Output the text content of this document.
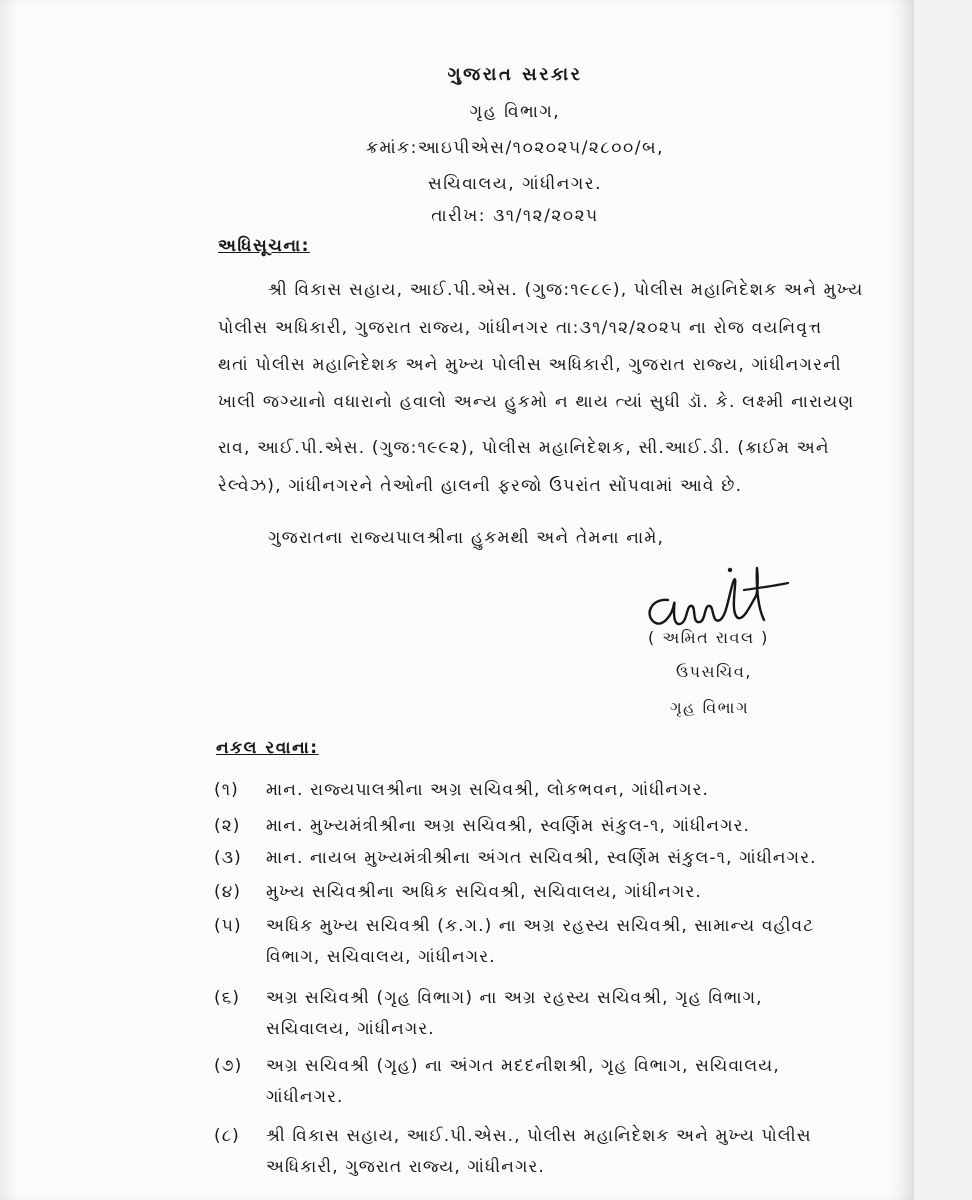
ગુજરાત સરકાર
ગૃહ વિભાગ,
ક્રમાંક:આઇપીએસ/૧૦૨૦૨૫/૨૮૦૦/બ,
સચિવાલય, ગાંધીનગર.
તારીખ: ૩૧/૧૨/૨૦૨૫
અધિસૂચના:
શ્રી વિકાસ સહાય, આઈ.પી.એસ. (ગુજ:૧૯૮૯), પોલીસ મહાનિદેશક અને મુખ્ય
પોલીસ અધિકારી, ગુજરાત રાજ્ય, ગાંધીનગર તા:૩૧/૧૨/૨૦૨૫ ના રોજ વયનિવૃત્ત
થતાં પોલીસ મહાનિદેશક અને મુખ્ય પોલીસ અધિકારી, ગુજરાત રાજ્ય, ગાંધીનગરની
ખાલી જગ્યાનો વધારાનો હવાલો અન્ય હુકમો ન થાય ત્યાં સુધી ડૉ. કે. લક્ષ્મી નારાયણ
રાવ, આઈ.પી.એસ. (ગુજ:૧૯૯૨), પોલીસ મહાનિદેશક, સી.આઈ.ડી. (ક્રાઈમ અને
રેલ્વેઝ), ગાંધીનગરને તેઓની હાલની ફરજો ઉપરાંત સોંપવામાં આવે છે.
ગુજરાતના રાજ્યપાલશ્રીના હુકમથી અને તેમના નામે,
( અમિત રાવલ )
ઉપસચિવ,
ગૃહ વિભાગ
નકલ રવાના:
(૧) માન. રાજ્યપાલશ્રીના અગ્ર સચિવશ્રી, લોકભવન, ગાંધીનગર.
(૨) માન. મુખ્યમંત્રીશ્રીના અગ્ર સચિવશ્રી, સ્વર્ણિમ સંકુલ-૧, ગાંધીનગર.
(૩) માન. નાયબ મુખ્યમંત્રીશ્રીના અંગત સચિવશ્રી, સ્વર્ણિમ સંકુલ-૧, ગાંધીનગર.
(૪) મુખ્ય સચિવશ્રીના અધિક સચિવશ્રી, સચિવાલય, ગાંધીનગર.
(૫) અધિક મુખ્ય સચિવશ્રી (ક.ગ.) ના અગ્ર રહસ્ય સચિવશ્રી, સામાન્ય વહીવટ
વિભાગ, સચિવાલય, ગાંધીનગર.
(૬) અગ્ર સચિવશ્રી (ગૃહ વિભાગ) ના અગ્ર રહસ્ય સચિવશ્રી, ગૃહ વિભાગ,
સચિવાલય, ગાંધીનગર.
(૭) અગ્ર સચિવશ્રી (ગૃહ) ના અંગત મદદનીશશ્રી, ગૃહ વિભાગ, સચિવાલય,
ગાંધીનગર.
(૮) શ્રી વિકાસ સહાય, આઈ.પી.એસ., પોલીસ મહાનિદેશક અને મુખ્ય પોલીસ
અધિકારી, ગુજરાત રાજ્ય, ગાંધીનગર.
